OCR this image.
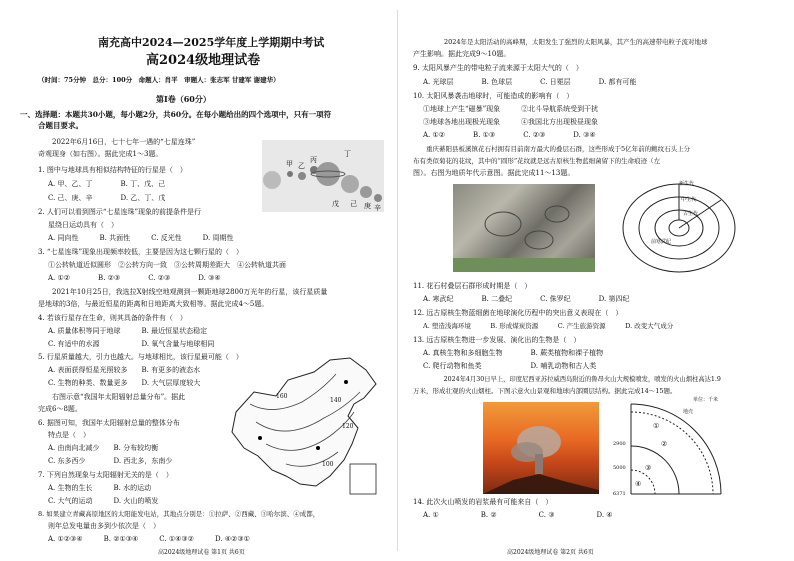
南充高中2024—2025学年度上学期期中考试
高2024级地理试卷
（时间：75分钟　总分：100分　命题人：肖平　审题人：张志军 甘建军 谢建华）
第Ⅰ卷（60分）
一、选择题：本题共30小题，每小题2分，共60分。在每小题给出的四个选项中，只有一项符
合题目要求。
　　2022年6月16日，七十七年一遇的“七星连珠”
奇观现身（如右图）。据此完成1～3题。
1. 图中与地球具有相似结构特征的行星是（　）
A. 甲、乙、丁　　　　B. 丁、戊、己
C. 己、庚、辛　　　　D. 乙、丁、戊
2. 人们可以看到图示“七星连珠”现象的前提条件是行
星绕日运动具有（　）
A. 同向性　　　B. 共面性　　　C. 反光性　　　D. 周期性
3. “七星连珠”现象出现频率较低，主要是因为这七颗行星的（　）
①公转轨道近似圆形　②公转方向一致　③公转周期差距大　④公转轨道共面
A. ①②　　　　B. ②③　　　　C. ②③　　　　D. ③④
　　2021年10月25日，我选拉X射线空地观测到一颗距地球2800万光年的行星，该行星质量
是地球的3倍，与最近恒星的距离和日地距离大致相等。据此完成4～5题。
4. 若该行星存在生命，则其具备的条件有（　）
A. 质量体积等同于地球　　　B. 最近恒星状态稳定
C. 有适中的水源　　　　　　D. 氧气含量与地球相同
5. 行星质量越大，引力也越大。与地球相比，该行星最可能（　）
A. 表面获得恒星光照较多　　B. 有更多的液态水
C. 生物的种类、数量更多　　D. 大气层厚度较大
　　右图示意“我国年太阳辐射总量分布”。据此
完成6～8题。
6. 据图可知，我国年太阳辐射总量的整体分布
特点是（　）
A. 由南向北减少　　B. 分布较均衡
C. 东多西少　　　　D. 西北多，东南少
7. 下列自然现象与太阳辐射无关的是（　）
A. 生物的生长　　　B. 水的运动
C. 大气的运动　　　D. 火山的喷发
8. 如果建立青藏高原地区的太阳能发电站，其地点分别是：①拉萨、②西藏、③哈尔滨、④成都，
则年总发电量由多到少依次是（　）
A. ①②③④　　　B. ②①③④　　　C. ①④③②　　　D. ④②③①
甲 乙
丙
丁
戊 己 庚 辛
160
140
120
100
高2024级地理试卷 第1页 共6页
　　2024年是太阳活动的高峰期，太阳发生了强烈的太阳风暴，其产生的高速带电粒子流对地球
产生影响。据此完成9～10题。
9. 太阳风暴产生的带电粒子流来源于太阳大气的（　）
A. 光球层　　　　B. 色球层　　　　C. 日冕层　　　　D. 都有可能
10. 太阳风暴袭击地球时，可能造成的影响有（　）
①地球上产生“磁暴”现象　　　②北斗导航系统受到干扰
③地球各地出现极光现象　　　④我国北方出现极昼现象
A. ①②　　　　B. ①③　　　　C. ②③　　　　D. ③④
　　重庆綦阳县板溪镇花石村拥有目前南方最大的叠层石群，这些形成于5亿年前的鲍纹石头上分
布有类似菊花的花纹，其中的“圆形”花纹就是远古原核生物蓝细菌留下的生命痕迹（左
图）。右图为地质年代示意图。据此完成11～13题。
新生代
中生代
古生代
前寒武纪
11. 花石村叠层石群形成时期是（　）
A. 寒武纪　　　　B. 二叠纪　　　　C. 侏罗纪　　　　D. 第四纪
12. 远古原核生物蓝细菌在地球演化历程中的突出意义表现在（　）
A. 塑造浅海环境　　　B. 形成煤炭资源　　　C. 产生旅游资源　　　D. 改变大气成分
13. 远古原核生物进一步发展、演化出的生物是（　）
A. 真核生物和多细胞生物　　　　B. 蕨类植物和裸子植物
C. 爬行动物和鱼类　　　　　　　D. 哺乳动物和古人类
　　2024年4月30日早上，印度尼西亚苏拉威西岛附近的鲁昂火山大规模喷发，喷发的火山烟柱高达1.9
万米，形成壮观的火山烟柱。下图示意火山景观和地球内部圈层结构。据此完成14～15题。
单位：千米
地壳
①
②
③
④
2900
5000
6371
14. 此次火山喷发的岩浆最有可能来自（　）
A. ①　　　　　　B. ②　　　　　　C. ③　　　　　　D. ④
高2024级地理试卷 第2页 共6页
